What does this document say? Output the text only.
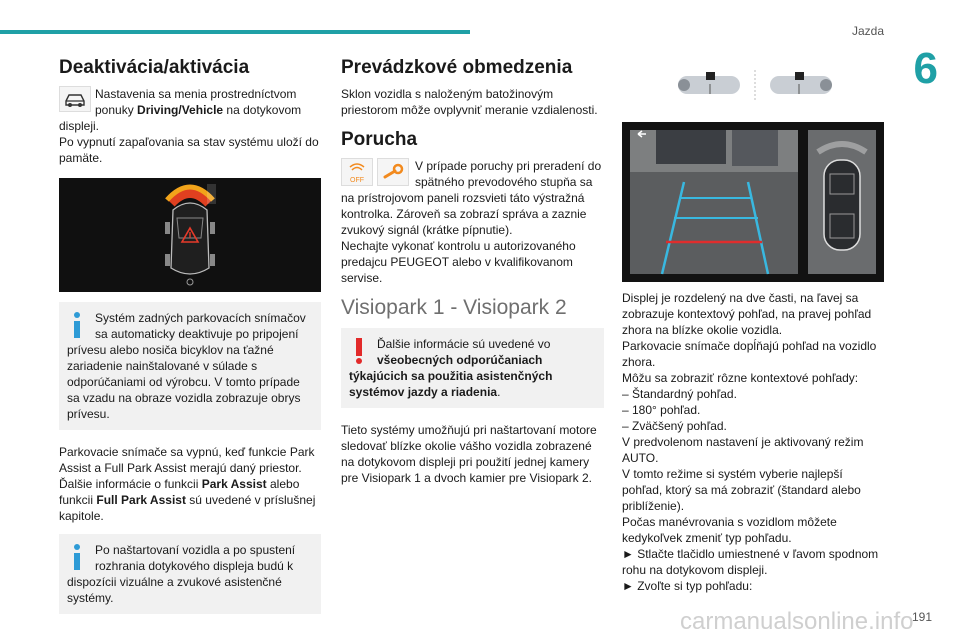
Jazda
6
191
carmanualsonline.info
Deaktivácia/aktivácia

Nastavenia sa menia prostredníctvom ponuky Driving/Vehicle na dotykovom displeji.

Po vypnutí zapaľovania sa stav systému uloží do pamäte.

Systém zadných parkovacích snímačov sa automaticky deaktivuje po pripojení prívesu alebo nosiča bicyklov na ťažné zariadenie nainštalované v súlade s odporúčaniami od výrobcu. V tomto prípade sa vzadu na obraze vozidla zobrazuje obrys prívesu.

Parkovacie snímače sa vypnú, keď funkcie Park Assist a Full Park Assist merajú daný priestor. Ďalšie informácie o funkcii Park Assist alebo funkcii Full Park Assist sú uvedené v príslušnej kapitole.

Po naštartovaní vozidla a po spustení rozhrania dotykového displeja budú k dispozícii vizuálne a zvukové asistenčné systémy.

Prevádzkové obmedzenia

Sklon vozidla s naloženým batožinovým priestorom môže ovplyvniť meranie vzdialenosti.

Porucha
OFF

V prípade poruchy pri preradení do spätného prevodového stupňa sa na prístrojovom paneli rozsvieti táto výstražná kontrolka. Zároveň sa zobrazí správa a zaznie zvukový signál (krátke pípnutie).

Nechajte vykonať kontrolu u autorizovaného predajcu PEUGEOT alebo v kvalifikovanom servise.

Visiopark 1 - Visiopark 2

Ďalšie informácie sú uvedené vo všeobecných odporúčaniach týkajúcich sa použitia asistenčných systémov jazdy a riadenia.

Tieto systémy umožňujú pri naštartovaní motore sledovať blízke okolie vášho vozidla zobrazené na dotykovom displeji pri použití jednej kamery pre Visiopark 1 a dvoch kamier pre Visiopark 2.

Displej je rozdelený na dve časti, na ľavej sa zobrazuje kontextový pohľad, na pravej pohľad zhora na blízke okolie vozidla.

Parkovacie snímače dopĺňajú pohľad na vozidlo zhora.

Môžu sa zobraziť rôzne kontextové pohľady:

– Štandardný pohľad.

– 180° pohľad.

– Zväčšený pohľad.

V predvolenom nastavení je aktivovaný režim AUTO.

V tomto režime si systém vyberie najlepší pohľad, ktorý sa má zobraziť (štandard alebo priblíženie).

Počas manévrovania s vozidlom môžete kedykoľvek zmeniť typ pohľadu.

► Stlačte tlačidlo umiestnené v ľavom spodnom rohu na dotykovom displeji.

► Zvoľte si typ pohľadu:
